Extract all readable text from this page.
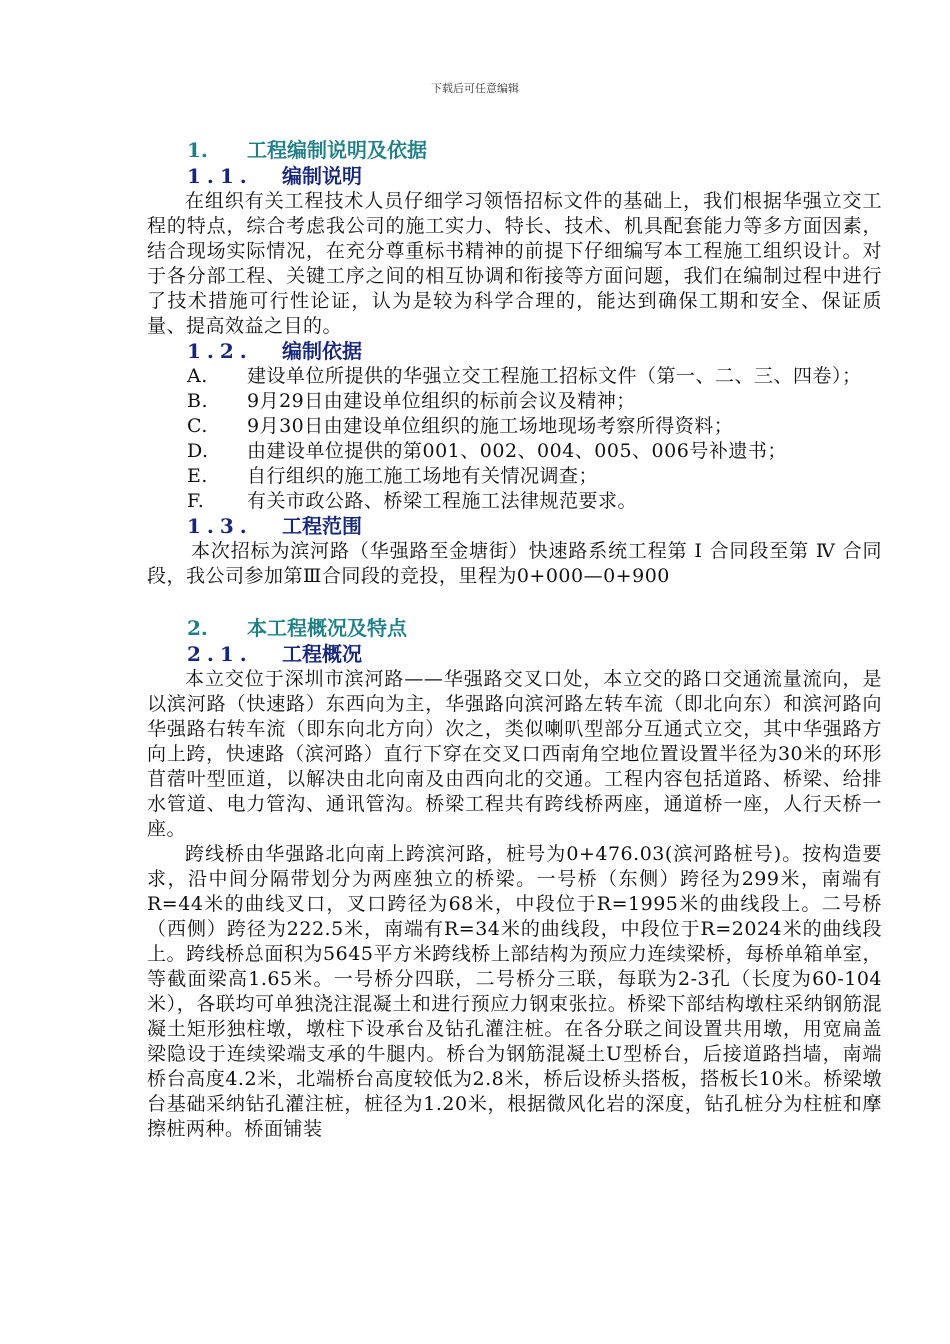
下载后可任意编辑

1. 工程编制说明及依据

1.1. 编制说明

在组织有关工程技术人员仔细学习领悟招标文件的基础上，我们根据华强立交工程的特点，综合考虑我公司的施工实力、特长、技术、机具配套能力等多方面因素，结合现场实际情况，在充分尊重标书精神的前提下仔细编写本工程施工组织设计。对于各分部工程、关键工序之间的相互协调和衔接等方面问题，我们在编制过程中进行了技术措施可行性论证，认为是较为科学合理的，能达到确保工期和安全、保证质量、提高效益之目的。

1.2. 编制依据

A. 建设单位所提供的华强立交工程施工招标文件（第一、二、三、四卷）；

B. 9月29日由建设单位组织的标前会议及精神；

C. 9月30日由建设单位组织的施工场地现场考察所得资料；

D. 由建设单位提供的第001、002、004、005、006号补遗书；

E. 自行组织的施工施工场地有关情况调查；

F. 有关市政公路、桥梁工程施工法律规范要求。

1.3. 工程范围

本次招标为滨河路（华强路至金塘街）快速路系统工程第 Ⅰ 合同段至第 Ⅳ 合同段，我公司参加第Ⅲ合同段的竞投，里程为0+000—0+900

2. 本工程概况及特点

2.1. 工程概况

本立交位于深圳市滨河路——华强路交叉口处，本立交的路口交通流量流向，是以滨河路（快速路）东西向为主，华强路向滨河路左转车流（即北向东）和滨河路向华强路右转车流（即东向北方向）次之，类似喇叭型部分互通式立交，其中华强路方向上跨，快速路（滨河路）直行下穿在交叉口西南角空地位置设置半径为30米的环形苜蓿叶型匝道，以解决由北向南及由西向北的交通。工程内容包括道路、桥梁、给排水管道、电力管沟、通讯管沟。桥梁工程共有跨线桥两座，通道桥一座，人行天桥一座。

跨线桥由华强路北向南上跨滨河路，桩号为0+476.03(滨河路桩号)。按构造要求，沿中间分隔带划分为两座独立的桥梁。一号桥（东侧）跨径为299米，南端有R=44米的曲线叉口，叉口跨径为68米，中段位于R=1995米的曲线段上。二号桥（西侧）跨径为222.5米，南端有R=34米的曲线段，中段位于R=2024米的曲线段上。跨线桥总面积为5645平方米跨线桥上部结构为预应力连续梁桥，每桥单箱单室，等截面梁高1.65米。一号桥分四联，二号桥分三联，每联为2-3孔（长度为60-104米），各联均可单独浇注混凝土和进行预应力钢束张拉。桥梁下部结构墩柱采纳钢筋混凝土矩形独柱墩，墩柱下设承台及钻孔灌注桩。在各分联之间设置共用墩，用宽扁盖梁隐设于连续梁端支承的牛腿内。桥台为钢筋混凝土U型桥台，后接道路挡墙，南端桥台高度4.2米，北端桥台高度较低为2.8米，桥后设桥头搭板，搭板长10米。桥梁墩台基础采纳钻孔灌注桩，桩径为1.20米，根据微风化岩的深度，钻孔桩分为柱桩和摩擦桩两种。桥面铺装
